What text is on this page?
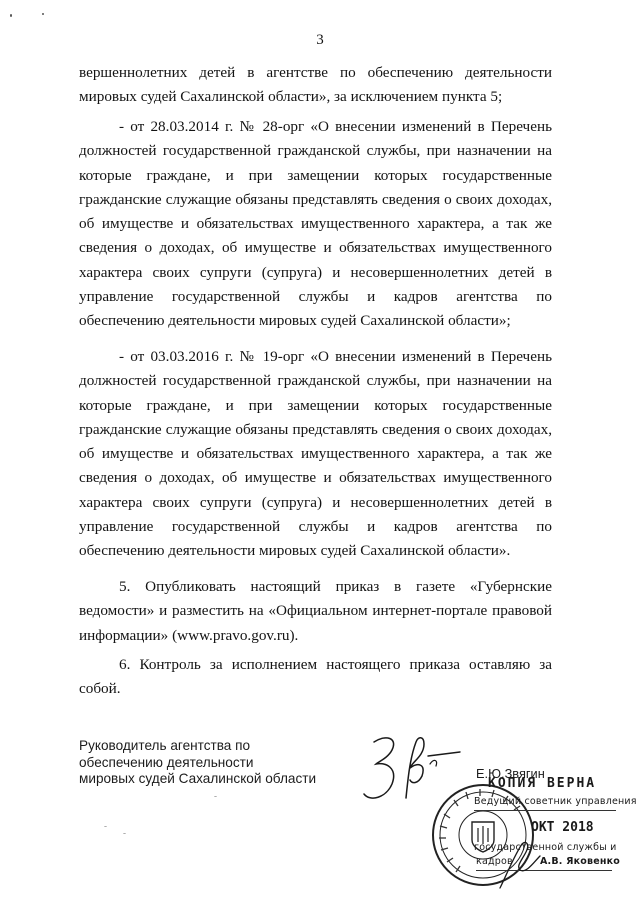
3

вершеннолетних детей в агентстве по обеспечению деятельности мировых судей Сахалинской области», за исключением пункта 5;

- от 28.03.2014 г. № 28-орг «О внесении изменений в Перечень должностей государственной гражданской службы, при назначении на которые граждане, и при замещении которых государственные гражданские служащие обязаны представлять сведения о своих доходах, об имуществе и обязательствах имущественного характера, а так же сведения о доходах, об имуществе и обязательствах имущественного характера своих супруги (супруга) и несовершеннолетних детей в управление государственной службы и кадров агентства по обеспечению деятельности мировых судей Сахалинской области»;

- от 03.03.2016 г. № 19-орг «О внесении изменений в Перечень должностей государственной гражданской службы, при назначении на которые граждане, и при замещении которых государственные гражданские служащие обязаны представлять сведения о своих доходах, об имуществе и обязательствах имущественного характера, а так же сведения о доходах, об имуществе и обязательствах имущественного характера своих супруги (супруга) и несовершеннолетних детей в управление государственной службы и кадров агентства по обеспечению деятельности мировых судей Сахалинской области».

5. Опубликовать настоящий приказ в газете «Губернские ведомости» и разместить на «Официальном интернет-портале правовой информации» (www.pravo.gov.ru).

6. Контроль за исполнением настоящего приказа оставляю за собой.

Руководитель агентства по
обеспечению деятельности
мировых судей Сахалинской области	Е.Ю.Звягин
КОПИЯ ВЕРНА
Ведущий советник управления
ОКТ 2018
государственной службы и
кадров	А.В. Яковенко
